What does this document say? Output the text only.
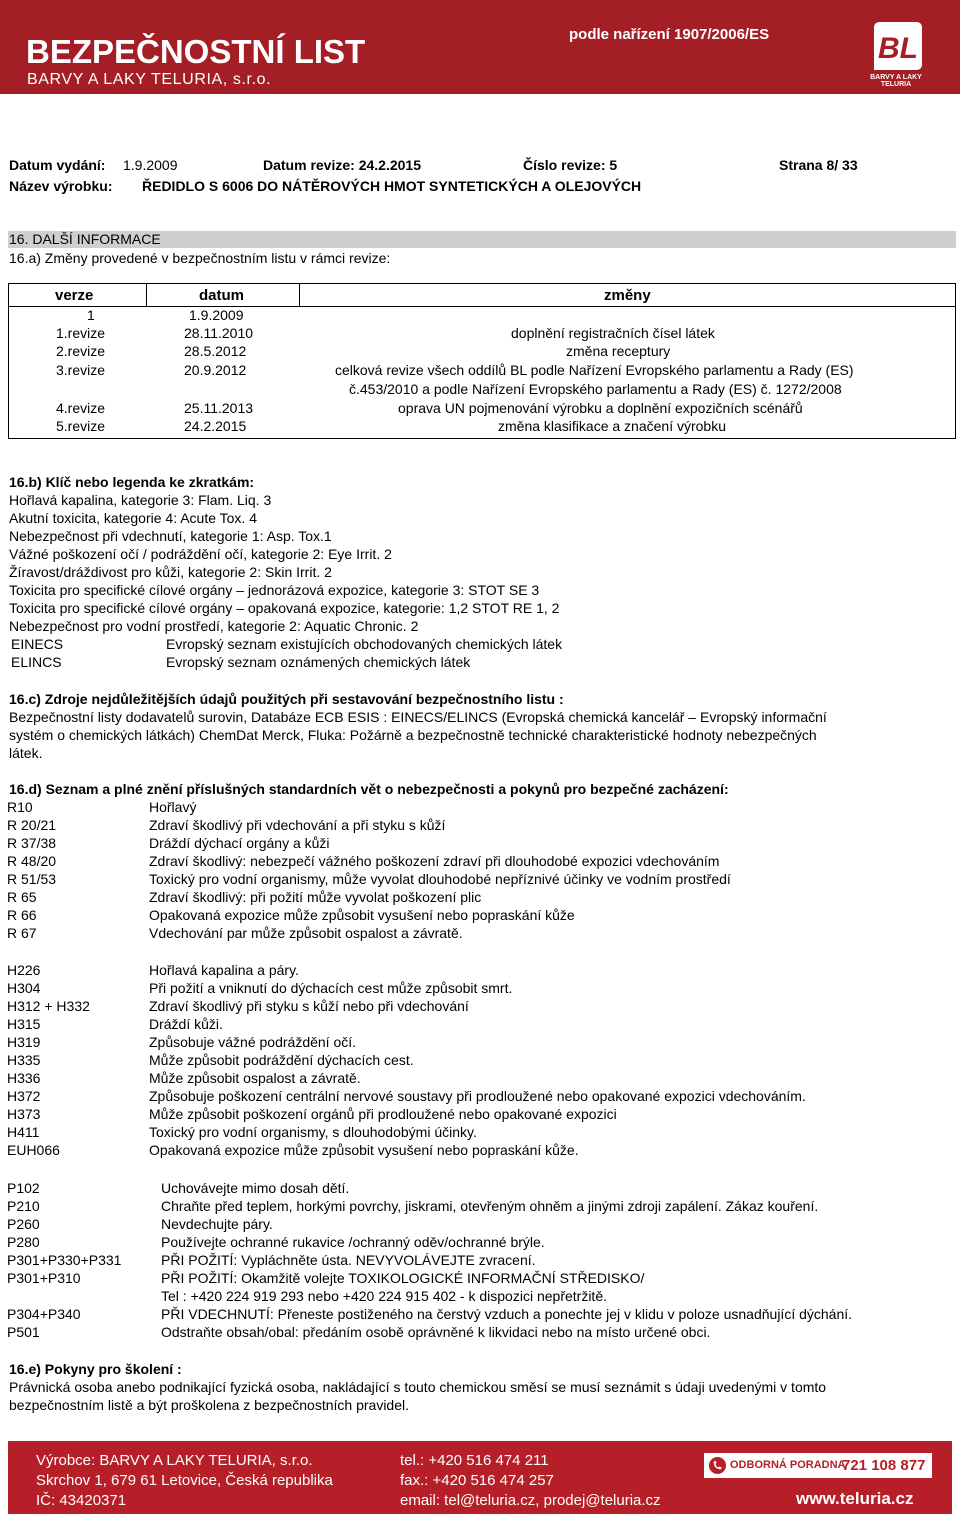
BEZPEČNOSTNÍ LIST
BARVY A LAKY TELURIA, s.r.o.
podle nařízení 1907/2006/ES	BL
BARVY A LAKY
TELURIA
Datum vydání: 1.9.2009	Datum revize: 24.2.2015	Číslo revize: 5	Strana 8/ 33
Název výrobku: ŘEDIDLO S 6006 DO NÁTĚROVÝCH HMOT SYNTETICKÝCH A OLEJOVÝCH
16. DALŠÍ INFORMACE
16.a) Změny provedené v bezpečnostním listu v rámci revize:
verze	datum	změny
1	1.9.2009
1.revize	28.11.2010	doplnění registračních čísel látek
2.revize	28.5.2012	změna receptury
3.revize	20.9.2012	celková revize všech oddílů BL podle Nařízení Evropského parlamentu a Rady (ES)
č.453/2010 a podle Nařízení Evropského parlamentu a Rady (ES) č. 1272/2008
4.revize	25.11.2013	oprava UN pojmenování výrobku a doplnění expozičních scénářů
5.revize	24.2.2015	změna klasifikace a značení výrobku
16.b) Klíč nebo legenda ke zkratkám:
Hořlavá kapalina, kategorie 3: Flam. Liq. 3
Akutní toxicita, kategorie 4: Acute Tox. 4
Nebezpečnost při vdechnutí, kategorie 1: Asp. Tox.1
Vážné poškození očí / podráždění očí, kategorie 2: Eye Irrit. 2
Žíravost/dráždivost pro kůži, kategorie 2: Skin Irrit. 2
Toxicita pro specifické cílové orgány – jednorázová expozice, kategorie 3: STOT SE 3
Toxicita pro specifické cílové orgány – opakovaná expozice, kategorie: 1,2 STOT RE 1, 2
Nebezpečnost pro vodní prostředí, kategorie 2: Aquatic Chronic. 2
EINECS	Evropský seznam existujících obchodovaných chemických látek
ELINCS	Evropský seznam oznámených chemických látek
16.c) Zdroje nejdůležitějších údajů použitých při sestavování bezpečnostního listu :
Bezpečnostní listy dodavatelů surovin, Databáze ECB ESIS : EINECS/ELINCS (Evropská chemická kancelář – Evropský informační
systém o chemických látkách) ChemDat Merck, Fluka: Požárně a bezpečnostně technické charakteristické hodnoty nebezpečných
látek.
16.d) Seznam a plné znění příslušných standardních vět o nebezpečnosti a pokynů pro bezpečné zacházení:
R10	Hořlavý
R 20/21	Zdraví škodlivý při vdechování a při styku s kůží
R 37/38	Dráždí dýchací orgány a kůži
R 48/20	Zdraví škodlivý: nebezpečí vážného poškození zdraví při dlouhodobé expozici vdechováním
R 51/53	Toxický pro vodní organismy, může vyvolat dlouhodobé nepříznivé účinky ve vodním prostředí
R 65	Zdraví škodlivý: při požití může vyvolat poškození plic
R 66	Opakovaná expozice může způsobit vysušení nebo popraskání kůže
R 67	Vdechování par může způsobit ospalost a závratě.
H226	Hořlavá kapalina a páry.
H304	Při požití a vniknutí do dýchacích cest může způsobit smrt.
H312 + H332	Zdraví škodlivý při styku s kůží nebo při vdechování
H315	Dráždí kůži.
H319	Způsobuje vážné podráždění očí.
H335	Může způsobit podráždění dýchacích cest.
H336	Může způsobit ospalost a závratě.
H372	Způsobuje poškození centrální nervové soustavy při prodloužené nebo opakované expozici vdechováním.
H373	Může způsobit poškození orgánů při prodloužené nebo opakované expozici
H411	Toxický pro vodní organismy, s dlouhodobými účinky.
EUH066	Opakovaná expozice může způsobit vysušení nebo popraskání kůže.
P102	Uchovávejte mimo dosah dětí.
P210	Chraňte před teplem, horkými povrchy, jiskrami, otevřeným ohněm a jinými zdroji zapálení. Zákaz kouření.
P260	Nevdechujte páry.
P280	Používejte ochranné rukavice /ochranný oděv/ochranné brýle.
P301+P330+P331	PŘI POŽITÍ: Vypláchněte ústa. NEVYVOLÁVEJTE zvracení.
P301+P310	PŘI POŽITÍ: Okamžitě volejte TOXIKOLOGICKÉ INFORMAČNÍ STŘEDISKO/
Tel : +420 224 919 293 nebo +420 224 915 402 - k dispozici nepřetržitě.
P304+P340	PŘI VDECHNUTÍ: Přeneste postiženého na čerstvý vzduch a ponechte jej v klidu v poloze usnadňující dýchání.
P501	Odstraňte obsah/obal: předáním osobě oprávněné k likvidaci nebo na místo určené obci.
16.e) Pokyny pro školení :
Právnická osoba anebo podnikající fyzická osoba, nakládající s touto chemickou směsí se musí seznámit s údaji uvedenými v tomto
bezpečnostním listě a být proškolena z bezpečnostních pravidel.
Výrobce: BARVY A LAKY TELURIA, s.r.o.
Skrchov 1, 679 61 Letovice, Česká republika
IČ: 43420371
tel.: +420 516 474 211
fax.: +420 516 474 257
email: tel@teluria.cz, prodej@teluria.cz
ODBORNÁ PORADNA
721 108 877
www.teluria.cz
